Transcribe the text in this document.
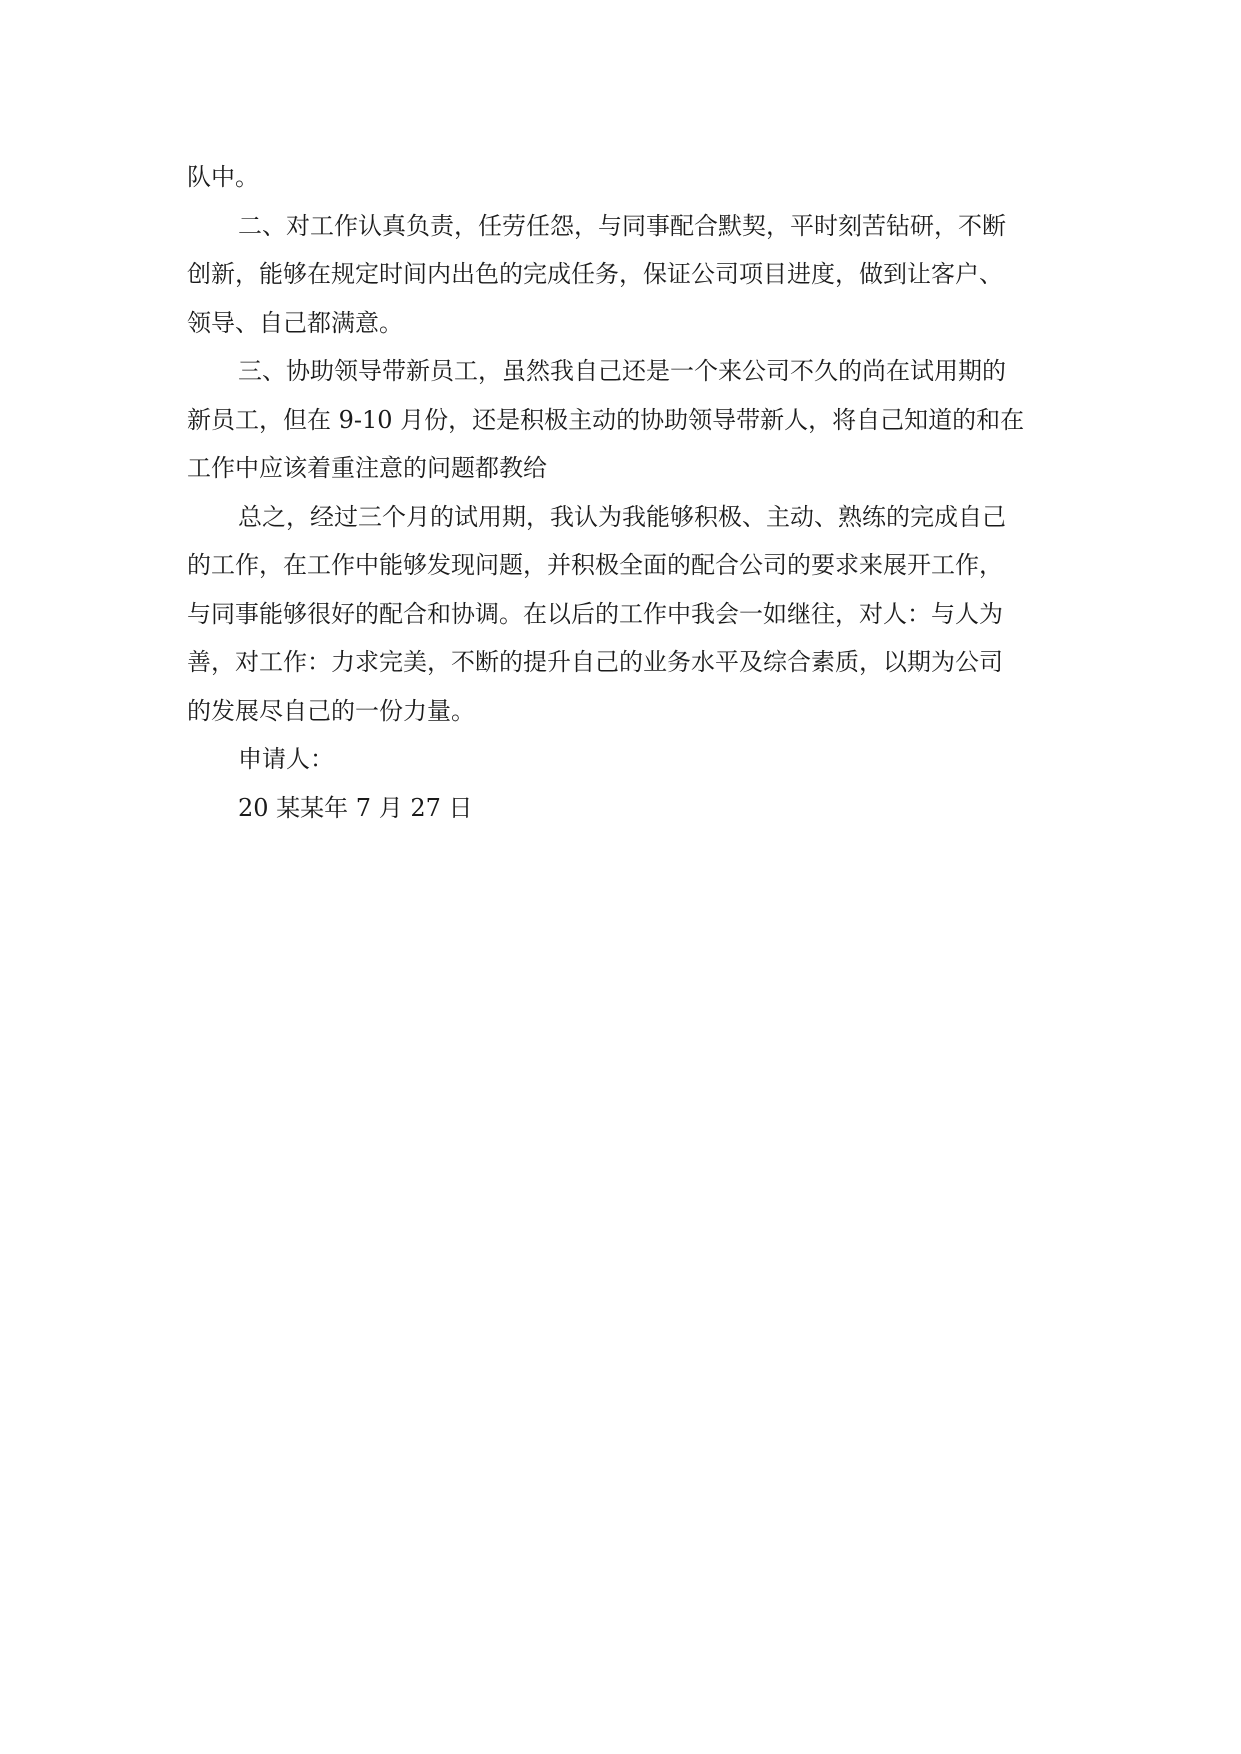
队中。
二、对工作认真负责，任劳任怨，与同事配合默契，平时刻苦钻研，不断
创新，能够在规定时间内出色的完成任务，保证公司项目进度，做到让客户、
领导、自己都满意。
三、协助领导带新员工，虽然我自己还是一个来公司不久的尚在试用期的
新员工，但在 9-10 月份，还是积极主动的协助领导带新人，将自己知道的和在
工作中应该着重注意的问题都教给
总之，经过三个月的试用期，我认为我能够积极、主动、熟练的完成自己
的工作，在工作中能够发现问题，并积极全面的配合公司的要求来展开工作，
与同事能够很好的配合和协调。在以后的工作中我会一如继往，对人：与人为
善，对工作：力求完美，不断的提升自己的业务水平及综合素质，以期为公司
的发展尽自己的一份力量。
申请人：
20 某某年 7 月 27 日
